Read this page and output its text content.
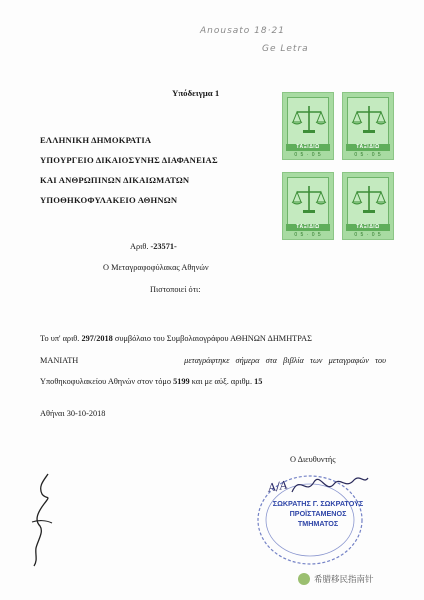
Anousato 18·21
Ge Letra
Υπόδειγμα 1
ΤΑΞΙΔΙΩ
0 5 · 0 5
ΤΑΞΙΔΙΩ
0 5 · 0 5
ΤΑΞΙΔΙΩ
0 5 · 0 5
ΤΑΞΙΔΙΩ
0 5 · 0 5
ΕΛΛΗΝΙΚΗ ΔΗΜΟΚΡΑΤΙΑ
ΥΠΟΥΡΓΕΙΟ ΔΙΚΑΙΟΣΥΝΗΣ ΔΙΑΦΑΝΕΙΑΣ
ΚΑΙ ΑΝΘΡΩΠΙΝΩΝ ΔΙΚΑΙΩΜΑΤΩΝ
ΥΠΟΘΗΚΟΦΥΛΑΚΕΙΟ ΑΘΗΝΩΝ
Αριθ. -23571-
Ο Μεταγραφοφύλακας Αθηνών
Πιστοποιεί ότι:
Το υπ' αριθ. 297/2018 συμβόλαιο του Συμβολαιογράφου ΑΘΗΝΩΝ ΔΗΜΗΤΡΑΣ
ΜΑΝΙΑΤΗ	μεταγράφτηκε σήμερα στα βιβλία των μεταγραφών του
Υποθηκοφυλακείου Αθηνών στον τόμο 5199 και με αύξ. αριθμ. 15
Αθήναι 30-10-2018
Ο Διευθυντής
Α/Α
ΣΩΚΡΑΤΗΣ Γ. ΣΩΚΡΑΤΟΥΣ
ΠΡΟΪΣΤΑΜΕΝΟΣ
ΤΜΗΜΑΤΟΣ
希腊移民指南针
